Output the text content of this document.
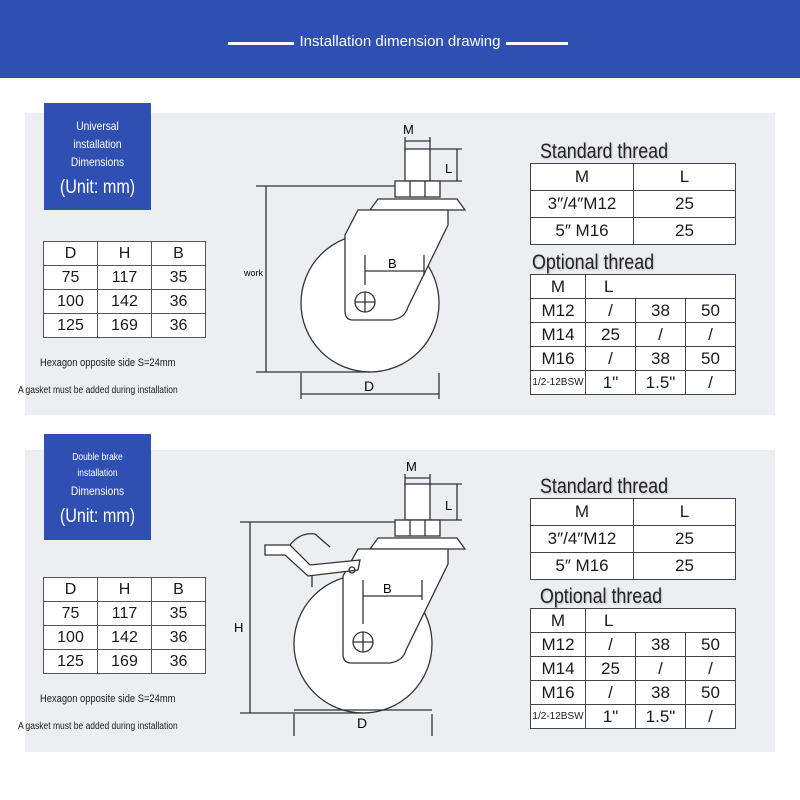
Installation dimension drawing
Universal
installation
Dimensions
(Unit: mm)
D	H	B
75	117	35
100	142	36
125	169	36
Hexagon opposite side S=24mm
A gasket must be added during installation
M
L
B
D
work
Standard thread
M	L
3″/4″M12	25
5″ M16	25
Optional thread
M	L		
M12	/	38	50
M14	25	/	/
M16	/	38	50
1/2-12BSW	1"	1.5"	/
Double brake
installation
Dimensions
(Unit: mm)
D	H	B
75	117	35
100	142	36
125	169	36
Hexagon opposite side S=24mm
A gasket must be added during installation
M
L
B
D
H
Standard thread
M	L
3″/4″M12	25
5″ M16	25
Optional thread
M	L		
M12	/	38	50
M14	25	/	/
M16	/	38	50
1/2-12BSW	1"	1.5"	/
